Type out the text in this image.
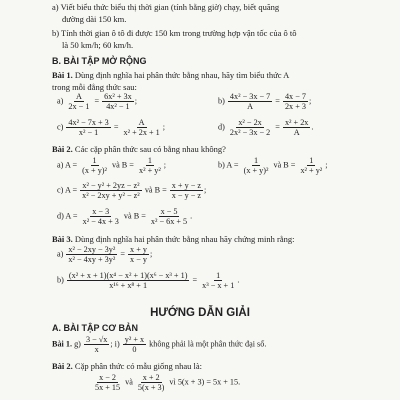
a) Viết biểu thức biểu thị thời gian (tính bằng giờ) chạy, biết quãng
đường dài 150 km.
b) Tính thời gian ô tô đi được 150 km trong trường hợp vận tốc của ô tô
là 50 km/h; 60 km/h.
B. BÀI TẬP MỞ RỘNG
Bài 1. Dùng định nghĩa hai phân thức bằng nhau, hãy tìm biểu thức A
trong mỗi đẳng thức sau:
$a) \frac{A}{2x - 1} = \frac{\text{6x² + 3x}}{\text{4x² − 1}}$ ;	$b) \frac{\text{4x² − 3x − 7}}{A} = \frac{4x - 7}{2x + 3}$ ;
$c) \frac{\text{4x² − 7x + 3}}{\text{x² − 1}} = \frac{A}{\text{x² + 2x + 1}}$ ;	$d) \frac{\text{x² − 2x}}{\text{2x² − 3x − 2}} = \frac{\text{x² + 2x}}{A}$ .
Bài 2. Các cặp phân thức sau có bằng nhau không?
a) $A = \frac{1}{\text{(x + y)²}}$ và $B = \frac{1}{\text{x² + y²}}$ ;	b) $A = \frac{1}{\text{(x + y)²}}$ và $B = \frac{1}{\text{x² + y²}}$ ;
c) $A = \frac{\text{x² − y² + 2yz − z²}}{\text{x² − 2xy + y² − z²}}$ và $B = \frac{x + y - z}{x - y - z}$ ;
d) $A = \frac{x - 3}{\text{x² − 4x + 3}}$ và $B = \frac{x - 5}{\text{x² − 6x + 5}}$ .
Bài 3. Dùng định nghĩa hai phân thức bằng nhau hãy chứng minh rằng:
$a) \frac{\text{x² − 2xy − 3y²}}{\text{x² − 4xy + 3y²}} = \frac{x + y}{x - y}$ ;
$b) \frac{\text{(x² + x + 1)(x⁴ − x² + 1)(x⁶ − x³ + 1)}}{\text{x¹⁶ + x⁸ + 1}} = \frac{1}{\text{x³ − x + 1}}$ .
HƯỚNG DẪN GIẢI
A. BÀI TẬP CƠ BẢN
Bài 1. $g) \frac{3 - √x}{x}$ ; $i) \frac{\text{y² + x}}{0}$ không phải là một phân thức đại số.
Bài 2. Cặp phân thức có mẫu giống nhau là:
$\frac{x - 2}{5x + 15}$ và $\frac{x + 2}{5(x + 3)}$ vì 5(x + 3) = 5x + 15.
